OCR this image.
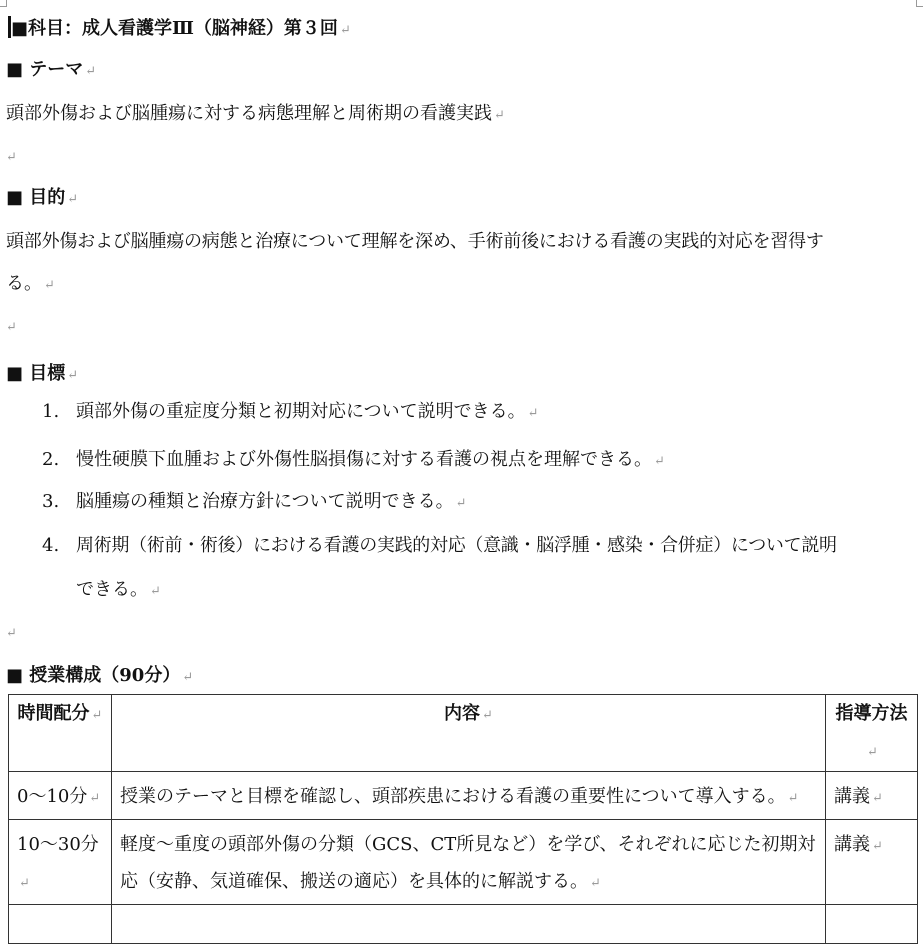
■科目：成人看護学Ⅲ（脳神経）第３回 ↵
■ テーマ ↵
頭部外傷および脳腫瘍に対する病態理解と周術期の看護実践 ↵
↵
■ 目的 ↵
頭部外傷および脳腫瘍の病態と治療について理解を深め、手術前後における看護の実践的対応を習得す
る。 ↵
↵
■ 目標 ↵
1. 頭部外傷の重症度分類と初期対応について説明できる。 ↵
2. 慢性硬膜下血腫および外傷性脳損傷に対する看護の視点を理解できる。 ↵
3. 脳腫瘍の種類と治療方針について説明できる。 ↵
4. 周術期（術前・術後）における看護の実践的対応（意識・脳浮腫・感染・合併症）について説明
できる。 ↵
↵
■ 授業構成（90分） ↵
時間配分 ↵	内容 ↵	指導方法↵
0〜10分 ↵	授業のテーマと目標を確認し、頭部疾患における看護の重要性について導入する。 ↵	講義 ↵
10〜30分↵	軽度〜重度の頭部外傷の分類（GCS、CT所見など）を学び、それぞれに応じた初期対応（安静、気道確保、搬送の適応）を具体的に解説する。 ↵	講義 ↵
